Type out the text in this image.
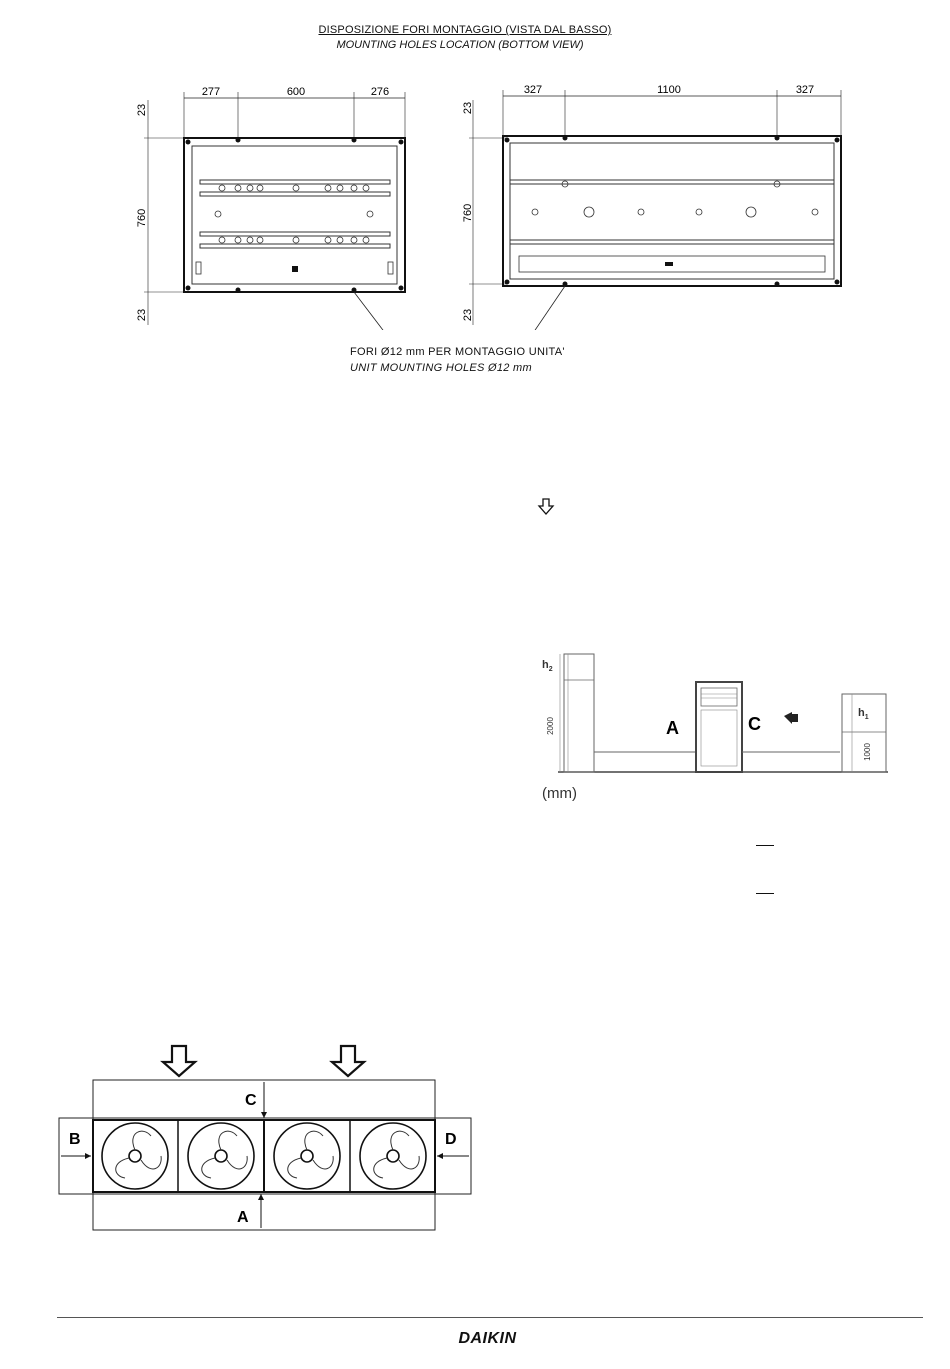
DISPOSIZIONE FORI MONTAGGIO (VISTA DAL BASSO)
MOUNTING HOLES LOCATION (BOTTOM VIEW)
277	600	276
23
760
23
327	1100	327
23
760
23
FORI Ø12 mm PER MONTAGGIO UNITA'
UNIT MOUNTING HOLES Ø12 mm
$h_2$
2000	A	C
$h_1$
1000
(mm)
C
A
B	D
DAIKIN
